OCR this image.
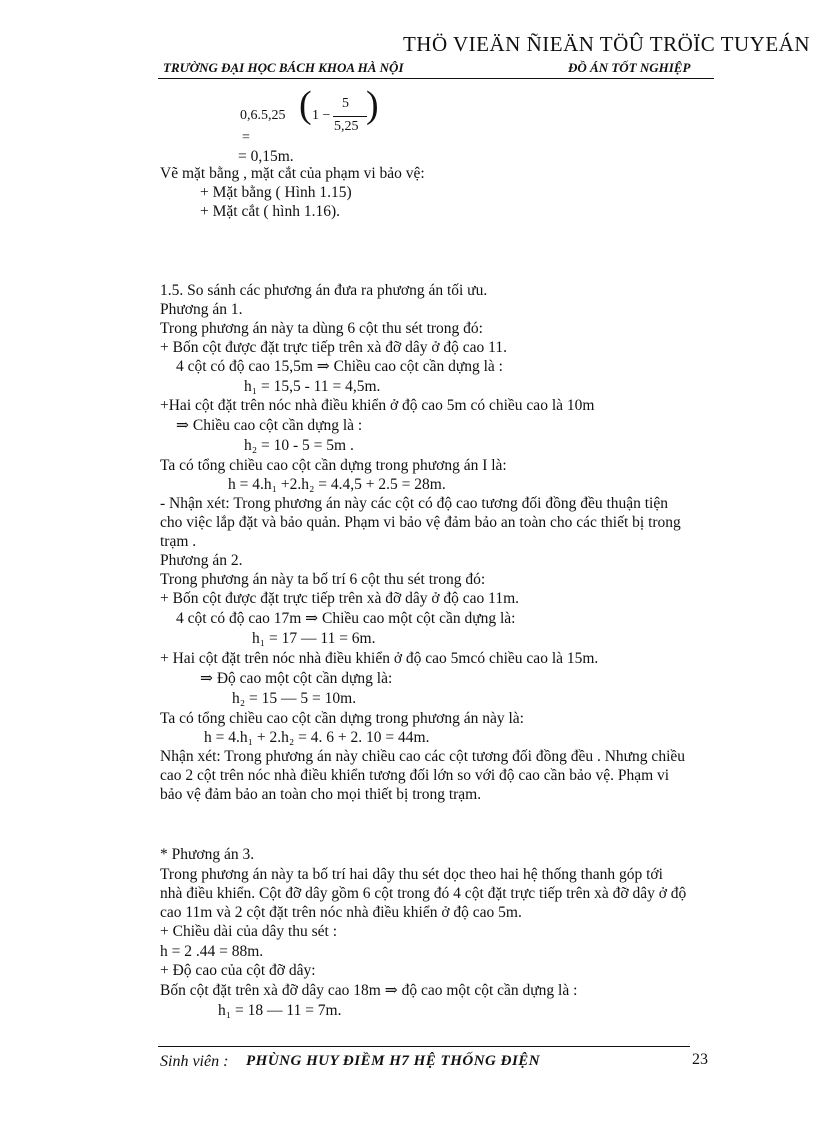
THÖ VIEÄN ÑIEÄN TÖÛ TRÖÏC TUYEÁN
TRƯỜNG ĐẠI HỌC BÁCH KHOA HÀ NỘI	ĐỒ ÁN TỐT NGHIỆP
0,6.5,25 ( 1 −
5
5,25
)
=
= 0,15m.
Vẽ mặt bằng , mặt cắt của phạm vi bảo vệ:
+ Mặt bằng ( Hình 1.15)
+ Mặt cắt ( hình 1.16).
1.5. So sánh các phương án đưa ra phương án tối ưu.
Phương án 1.
Trong phương án này ta dùng 6 cột thu sét trong đó:
+ Bốn cột được đặt trực tiếp trên xà đỡ dây ở độ cao 11.
4 cột có độ cao 15,5m ⇒ Chiều cao cột cần dựng là :
h₁ = 15,5 - 11 = 4,5m.
+Hai cột đặt trên nóc nhà điều khiển ở độ cao 5m có chiều cao là 10m
⇒ Chiều cao cột cần dựng là :
h₂ = 10 - 5 = 5m .
Ta có tổng chiều cao cột cần dựng trong phương án I là:
h = 4.h₁ +2.h₂ = 4.4,5 + 2.5 = 28m.
- Nhận xét: Trong phương án này các cột có độ cao tương đối đồng đều thuận tiện
cho việc lắp đặt và bảo quản. Phạm vi bảo vệ đảm bảo an toàn cho các thiết bị trong
trạm .
Phương án 2.
Trong phương án này ta bố trí 6 cột thu sét trong đó:
+ Bốn cột được đặt trực tiếp trên xà đỡ dây ở độ cao 11m.
4 cột có độ cao 17m ⇒ Chiều cao một cột cần dựng là:
h₁ = 17 — 11 = 6m.
+ Hai cột đặt trên nóc nhà điều khiển ở độ cao 5mcó chiều cao là 15m.
⇒ Độ cao một cột cần dựng là:
h₂ = 15 — 5 = 10m.
Ta có tổng chiều cao cột cần dựng trong phương án này là:
h = 4.h₁ + 2.h₂ = 4. 6 + 2. 10 = 44m.
Nhận xét: Trong phương án này chiều cao các cột tương đối đồng đều . Nhưng chiều
cao 2 cột trên nóc nhà điều khiển tương đối lớn so với độ cao cần bảo vệ. Phạm vi
bảo vệ đảm bảo an toàn cho mọi thiết bị trong trạm.
* Phương án 3.
Trong phương án này ta bố trí hai dây thu sét dọc theo hai hệ thống thanh góp tới
nhà điều khiển. Cột đỡ dây gồm 6 cột trong đó 4 cột đặt trực tiếp trên xà đỡ dây ở độ
cao 11m và 2 cột đặt trên nóc nhà điều khiển ở độ cao 5m.
+ Chiều dài của dây thu sét :
h = 2 .44 = 88m.
+ Độ cao của cột đỡ dây:
Bốn cột đặt trên xà đỡ dây cao 18m ⇒ độ cao một cột cần dựng là :
h₁ = 18 — 11 = 7m.
Sinh viên : PHÙNG HUY ĐIỀM H7 HỆ THỐNG ĐIỆN	23
